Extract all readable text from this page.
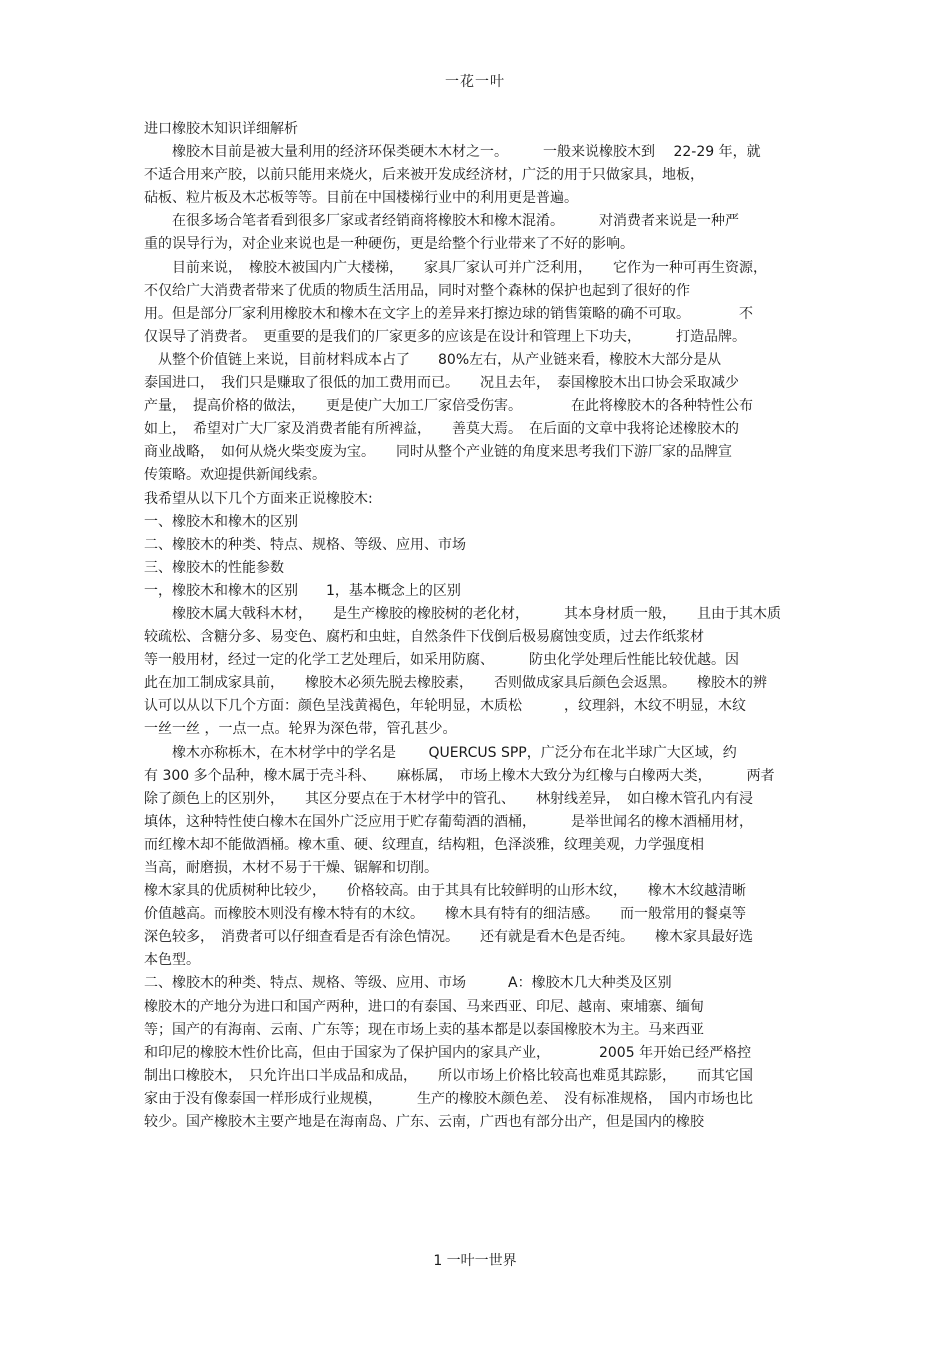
一花一叶
进口橡胶木知识详细解析
　　橡胶木目前是被大量利用的经济环保类硬木木材之一。　　　一般来说橡胶木到　 22-29 年，就
不适合用来产胶，以前只能用来烧火，后来被开发成经济材，广泛的用于只做家具，地板，
砧板、粒片板及木芯板等等。目前在中国楼梯行业中的利用更是普遍。
　　在很多场合笔者看到很多厂家或者经销商将橡胶木和橡木混淆。　　　对消费者来说是一种严
重的误导行为，对企业来说也是一种硬伤，更是给整个行业带来了不好的影响。
　　目前来说，　橡胶木被国内广大楼梯，　　家具厂家认可并广泛利用，　　它作为一种可再生资源，
不仅给广大消费者带来了优质的物质生活用品，同时对整个森林的保护也起到了很好的作
用。但是部分厂家利用橡胶木和橡木在文字上的差异来打擦边球的销售策略的确不可取。　　　　不
仅误导了消费者。　更重要的是我们的厂家更多的应该是在设计和管理上下功夫，　　　打造品牌。
　从整个价值链上来说，目前材料成本占了　　80%左右，从产业链来看，橡胶木大部分是从
泰国进口，　我们只是赚取了很低的加工费用而已。　　况且去年，　泰国橡胶木出口协会采取减少
产量，　提高价格的做法，　　更是使广大加工厂家倍受伤害。　　　　在此将橡胶木的各种特性公布
如上，　希望对广大厂家及消费者能有所裨益，　　善莫大焉。　在后面的文章中我将论述橡胶木的
商业战略，　如何从烧火柴变废为宝。　　同时从整个产业链的角度来思考我们下游厂家的品牌宣
传策略。欢迎提供新闻线索。
我希望从以下几个方面来正说橡胶木:
一、橡胶木和橡木的区别
二、橡胶木的种类、特点、规格、等级、应用、市场
三、橡胶木的性能参数
一，橡胶木和橡木的区别　　1，基本概念上的区别
　　橡胶木属大戟科木材，　　是生产橡胶的橡胶树的老化材，　　　其本身材质一般，　　且由于其木质
较疏松、含糖分多、易变色、腐朽和虫蛀，自然条件下伐倒后极易腐蚀变质，过去作纸浆材
等一般用材，经过一定的化学工艺处理后，如采用防腐、　　　防虫化学处理后性能比较优越。因
此在加工制成家具前，　　橡胶木必须先脱去橡胶素，　　否则做成家具后颜色会返黑。　　橡胶木的辨
认可以从以下几个方面：颜色呈浅黄褐色，年轮明显，木质松　　　，纹理斜，木纹不明显，木纹
一丝一丝 ，一点一点。轮界为深色带，管孔甚少。
　　橡木亦称栎木，在木材学中的学名是　　 QUERCUS SPP，广泛分布在北半球广大区域，约
有 300 多个品种，橡木属于壳斗科、　　麻栎属，　市场上橡木大致分为红橡与白橡两大类，　　　两者
除了颜色上的区别外，　　其区分要点在于木材学中的管孔、　　林射线差异，　如白橡木管孔内有浸
填体，这种特性使白橡木在国外广泛应用于贮存葡萄酒的酒桶，　　　是举世闻名的橡木酒桶用材，
而红橡木却不能做酒桶。橡木重、硬、纹理直，结构粗，色泽淡雅，纹理美观，力学强度相
当高，耐磨损，木材不易于干燥、锯解和切削。
橡木家具的优质树种比较少，　　价格较高。由于其具有比较鲜明的山形木纹，　　橡木木纹越清晰
价值越高。而橡胶木则没有橡木特有的木纹。　　橡木具有特有的细洁感。　　而一般常用的餐桌等
深色较多，　消费者可以仔细查看是否有涂色情况。　　还有就是看木色是否纯。　　橡木家具最好选
本色型。
二、橡胶木的种类、特点、规格、等级、应用、市场　　　A：橡胶木几大种类及区别
橡胶木的产地分为进口和国产两种，进口的有泰国、马来西亚、印尼、越南、柬埔寨、缅甸
等；国产的有海南、云南、广东等；现在市场上卖的基本都是以泰国橡胶木为主。马来西亚
和印尼的橡胶木性价比高，但由于国家为了保护国内的家具产业，　　　　2005 年开始已经严格控
制出口橡胶木，　只允许出口半成品和成品，　　所以市场上价格比较高也难觅其踪影，　　而其它国
家由于没有像泰国一样形成行业规模，　　　生产的橡胶木颜色差、　没有标准规格，　国内市场也比
较少。国产橡胶木主要产地是在海南岛、广东、云南，广西也有部分出产，但是国内的橡胶
1 一叶一世界
